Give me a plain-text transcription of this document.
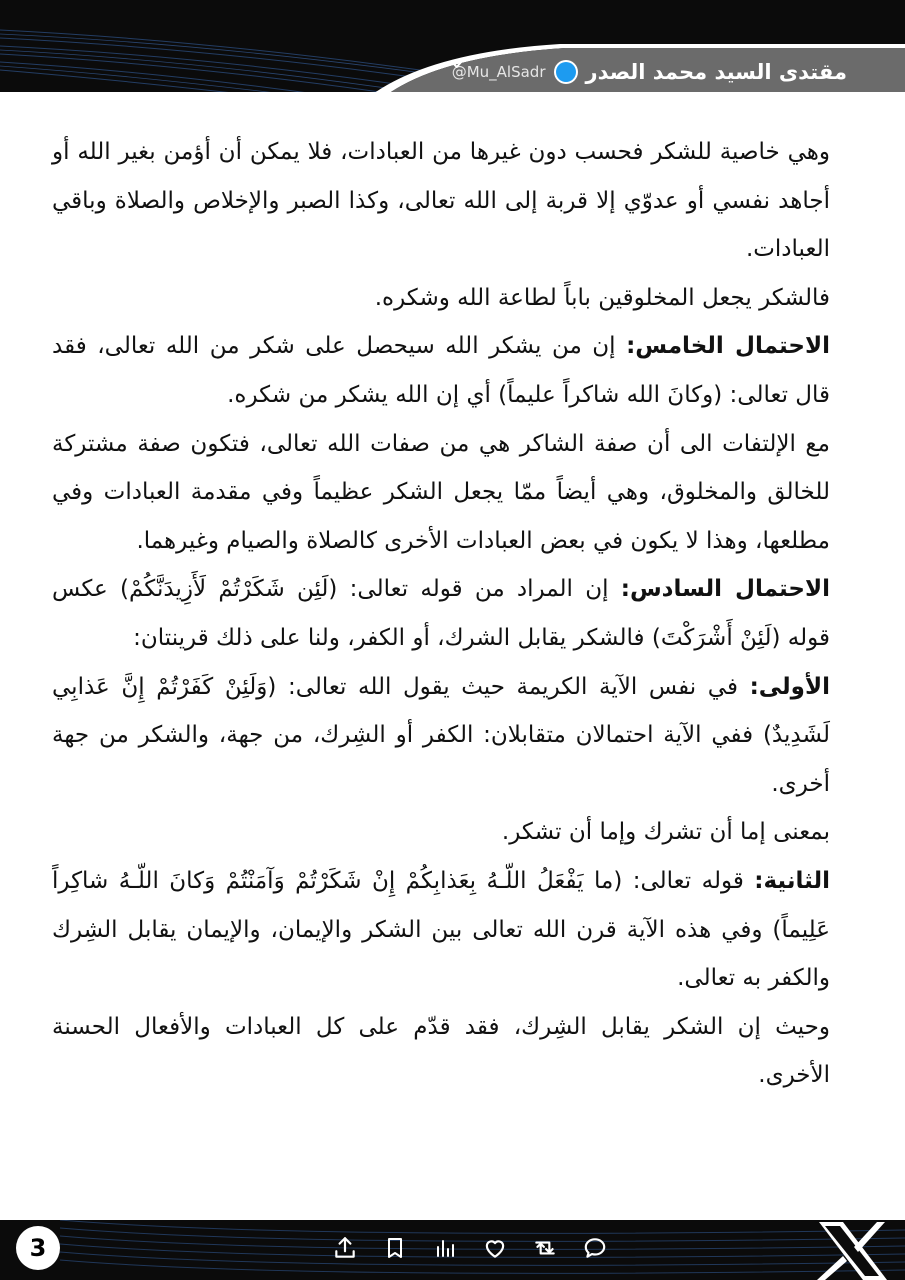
مقتدى السيد محمد الصدر
@Mu_AlSadr

وهي خاصية للشكر فحسب دون غيرها من العبادات، فلا يمكن أن أؤمن بغير الله أو أجاهد نفسي أو عدوّي إلا قربة إلى الله تعالى، وكذا الصبر والإخلاص والصلاة وباقي العبادات.

فالشكر يجعل المخلوقين باباً لطاعة الله وشكره.

الاحتمال الخامس: إن من يشكر الله سيحصل على شكر من الله تعالى، فقد قال تعالى: (وكانَ الله شاكراً عليماً) أي إن الله يشكر من شكره.

مع الإلتفات الى أن صفة الشاكر هي من صفات الله تعالى، فتكون صفة مشتركة للخالق والمخلوق، وهي أيضاً ممّا يجعل الشكر عظيماً وفي مقدمة العبادات وفي مطلعها، وهذا لا يكون في بعض العبادات الأخرى كالصلاة والصيام وغيرهما.

الاحتمال السادس: إن المراد من قوله تعالى: (لَئِن شَكَرْتُمْ لَأَزِيدَنَّكُمْ) عكس قوله (لَئِنْ أَشْرَكْتَ) فالشكر يقابل الشرك، أو الكفر، ولنا على ذلك قرينتان:

الأولى: في نفس الآية الكريمة حيث يقول الله تعالى: (وَلَئِنْ كَفَرْتُمْ إِنَّ عَذابِي لَشَدِيدٌ) ففي الآية احتمالان متقابلان: الكفر أو الشِرك، من جهة، والشكر من جهة أخرى.

بمعنى إما أن تشرك وإما أن تشكر.

الثانية: قوله تعالى: (ما يَفْعَلُ اللّـهُ بِعَذابِكُمْ إِنْ شَكَرْتُمْ وَآمَنْتُمْ وَكانَ اللّـهُ شاكِراً عَلِيماً) وفي هذه الآية قرن الله تعالى بين الشكر والإيمان، والإيمان يقابل الشِرك والكفر به تعالى.

وحيث إن الشكر يقابل الشِرك، فقد قدّم على كل العبادات والأفعال الحسنة الأخرى.

3
